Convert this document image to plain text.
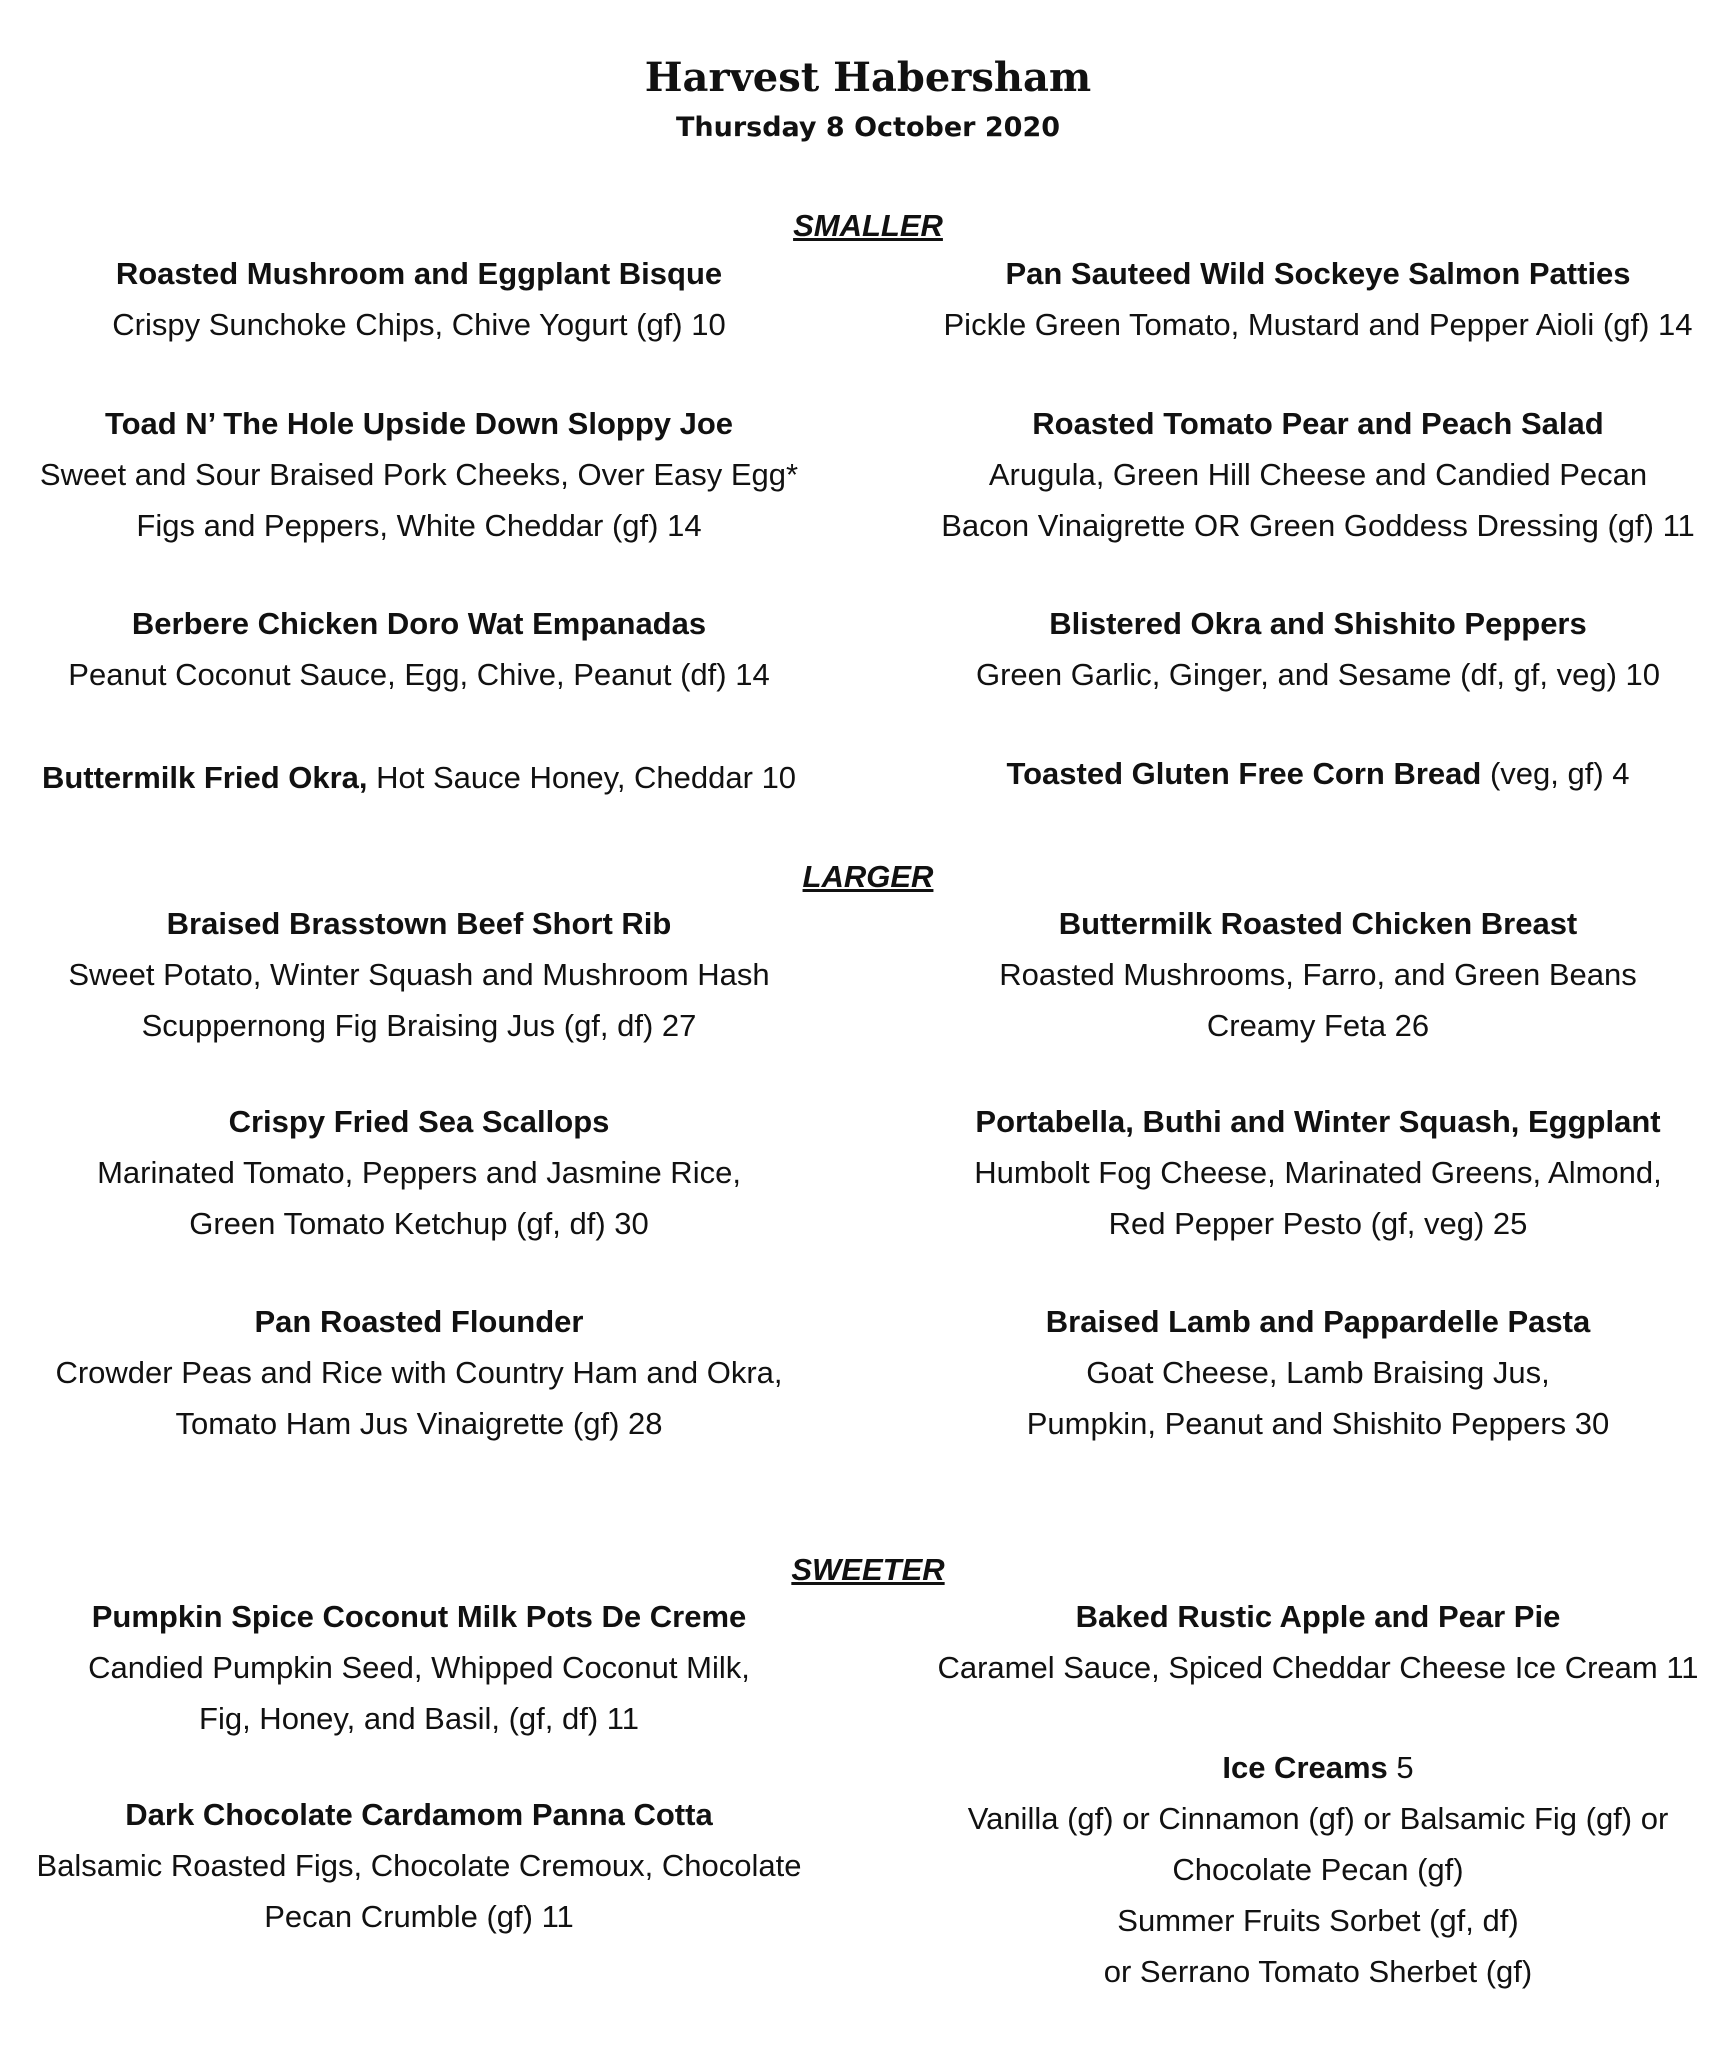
Harvest Habersham
Thursday 8 October 2020
SMALLER
Roasted Mushroom and Eggplant Bisque
Crispy Sunchoke Chips, Chive Yogurt (gf) 10
Pan Sauteed Wild Sockeye Salmon Patties
Pickle Green Tomato, Mustard and Pepper Aioli (gf) 14
Toad N’ The Hole Upside Down Sloppy Joe
Sweet and Sour Braised Pork Cheeks, Over Easy Egg*
Figs and Peppers, White Cheddar (gf) 14
Roasted Tomato Pear and Peach Salad
Arugula, Green Hill Cheese and Candied Pecan
Bacon Vinaigrette OR Green Goddess Dressing (gf) 11
Berbere Chicken Doro Wat Empanadas
Peanut Coconut Sauce, Egg, Chive, Peanut (df) 14
Blistered Okra and Shishito Peppers
Green Garlic, Ginger, and Sesame (df, gf, veg) 10
Buttermilk Fried Okra, Hot Sauce Honey, Cheddar 10	Toasted Gluten Free Corn Bread (veg, gf) 4
LARGER
Braised Brasstown Beef Short Rib
Sweet Potato, Winter Squash and Mushroom Hash
Scuppernong Fig Braising Jus (gf, df) 27
Buttermilk Roasted Chicken Breast
Roasted Mushrooms, Farro, and Green Beans
Creamy Feta 26
Crispy Fried Sea Scallops
Marinated Tomato, Peppers and Jasmine Rice,
Green Tomato Ketchup (gf, df) 30
Portabella, Buthi and Winter Squash, Eggplant
Humbolt Fog Cheese, Marinated Greens, Almond,
Red Pepper Pesto (gf, veg) 25
Pan Roasted Flounder
Crowder Peas and Rice with Country Ham and Okra,
Tomato Ham Jus Vinaigrette (gf) 28
Braised Lamb and Pappardelle Pasta
Goat Cheese, Lamb Braising Jus,
Pumpkin, Peanut and Shishito Peppers 30
SWEETER
Pumpkin Spice Coconut Milk Pots De Creme
Candied Pumpkin Seed, Whipped Coconut Milk,
Fig, Honey, and Basil, (gf, df) 11
Baked Rustic Apple and Pear Pie
Caramel Sauce, Spiced Cheddar Cheese Ice Cream 11
Dark Chocolate Cardamom Panna Cotta
Balsamic Roasted Figs, Chocolate Cremoux, Chocolate
Pecan Crumble (gf) 11
Ice Creams 5
Vanilla (gf) or Cinnamon (gf) or Balsamic Fig (gf) or
Chocolate Pecan (gf)
Summer Fruits Sorbet (gf, df)
or Serrano Tomato Sherbet (gf)
